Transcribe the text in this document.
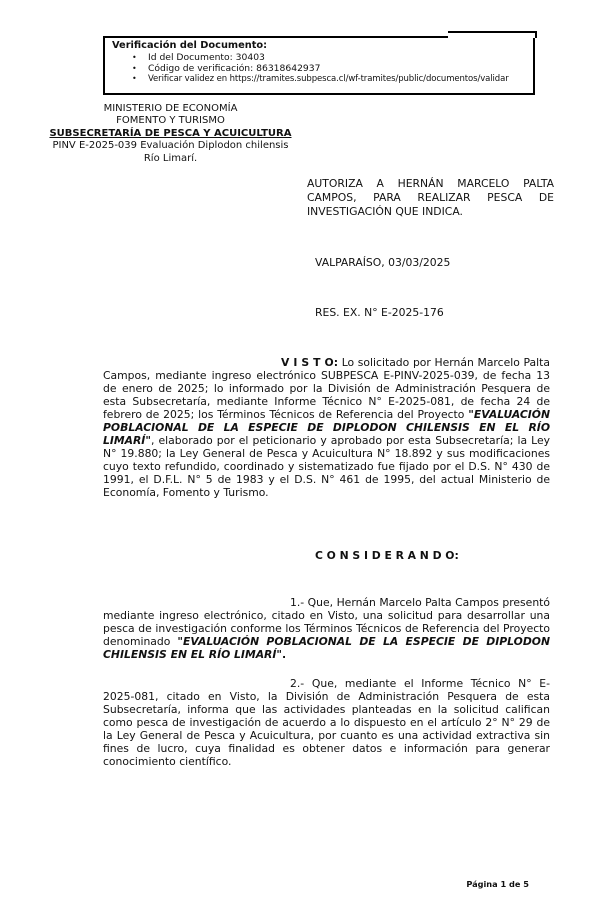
Verificación del Documento:
•	Id del Documento: 30403
•	Código de verificación: 86318642937
•	Verificar validez en https://tramites.subpesca.cl/wf-tramites/public/documentos/validar
MINISTERIO DE ECONOMÍA
FOMENTO Y TURISMO
SUBSECRETARÍA DE PESCA Y ACUICULTURA
PINV E-2025-039 Evaluación Diplodon chilensis
Río Limarí.
AUTORIZA A HERNÁN MARCELO PALTA CAMPOS, PARA REALIZAR PESCA DE INVESTIGACIÓN QUE INDICA.
VALPARAÍSO, 03/03/2025
RES. EX. N° E-2025-176

V I S T O: Lo solicitado por Hernán Marcelo Palta Campos, mediante ingreso electrónico SUBPESCA E-PINV-2025-039, de fecha 13 de enero de 2025; lo informado por la División de Administración Pesquera de esta Subsecretaría, mediante Informe Técnico N° E-2025-081, de fecha 24 de febrero de 2025; los Términos Técnicos de Referencia del Proyecto "EVALUACIÓN POBLACIONAL DE LA ESPECIE DE DIPLODON CHILENSIS EN EL RÍO LIMARÍ", elaborado por el peticionario y aprobado por esta Subsecretaría; la Ley N° 19.880; la Ley General de Pesca y Acuicultura N° 18.892 y sus modificaciones cuyo texto refundido, coordinado y sistematizado fue fijado por el D.S. N° 430 de 1991, el D.F.L. N° 5 de 1983 y el D.S. N° 461 de 1995, del actual Ministerio de Economía, Fomento y Turismo.

C O N S I D E R A N D O:

1.- Que, Hernán Marcelo Palta Campos presentó mediante ingreso electrónico, citado en Visto, una solicitud para desarrollar una pesca de investigación conforme los Términos Técnicos de Referencia del Proyecto denominado "EVALUACIÓN POBLACIONAL DE LA ESPECIE DE DIPLODON CHILENSIS EN EL RÍO LIMARÍ".

2.- Que, mediante el Informe Técnico N° E-2025-081, citado en Visto, la División de Administración Pesquera de esta Subsecretaría, informa que las actividades planteadas en la solicitud califican como pesca de investigación de acuerdo a lo dispuesto en el artículo 2° N° 29 de la Ley General de Pesca y Acuicultura, por cuanto es una actividad extractiva sin fines de lucro, cuya finalidad es obtener datos e información para generar conocimiento científico.

Página 1 de 5
